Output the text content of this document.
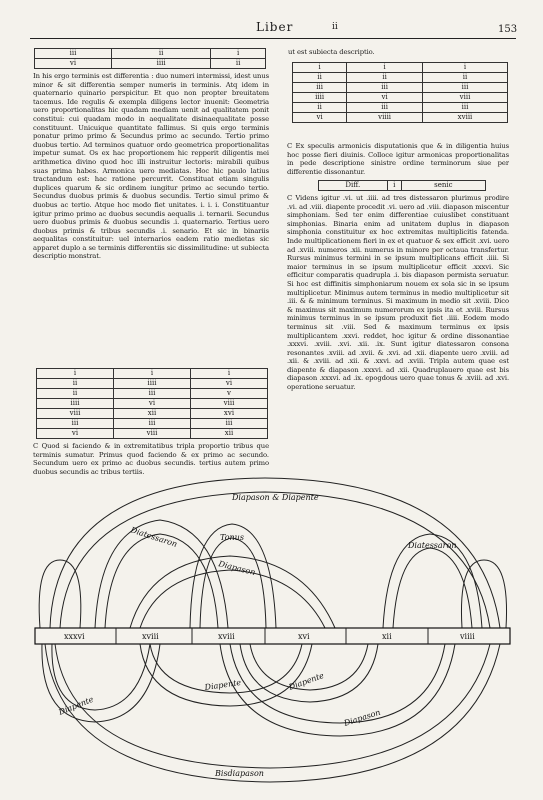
Liber	ii	153
iii	ii	i
vi	iiii	ii
In his ergo terminis est differentia : duo numeri intermissi, idest unus minor & sit differentia semper numeris in terminis. Atq idem in quaternario quinario perspicitur. Et quo non propter breuitatem tacemus. Ide regulis & exempla diligens lector inuenit: Geometria uero proportionalitas hic quadam mediam uenit ad qualitatem ponit constitui: cui quadam modo in aequalitate disinaequalitate posse constituunt. Unicuique quantitate fallimus. Si quis ergo terminis ponatur primo primo & Secundus primo ac secundo. Tertio primo duobus tertio. Ad terminos quatuor ordo geometrica proportionalitas impetur sumat. Os ex hac proportionem hic repperit diligentis mei arithmetica divino quod hoc illi instruitur lectoris: mirabili quibus suas prima habes. Armonica uero mediatas. Hoc hic paulo latius tractandum est: hac ratione percurrit. Constituat etiam singulis duplices quarum & sic ordinem iungitur primo ac secundo tertio. Secundus duobus primis & duobus secundis. Tertio simul primo & duobus ac tertio. Atque hoc modo fiet unitates. i. i. i. Constituantur igitur primo primo ac duobus secundis aequalis .i. ternarii. Secundus uero duobus primis & duobus secundis .i. quaternario. Tertius uero duobus primis & tribus secundis .i. senario. Et sic in binariis aequalitas constituitur: uel internarios eadem ratio medietas sic apparet duplo a se terminis differentiis sic dissimilitudine: ut subiecta descriptio monstrat.
i	i	i
ii	iiii	vi
ii	iii	v
iiii	vi	viii
viii	xii	xvi
iii	iii	iii
vi	viii	xii
C Quod si faciendo & in extremitatibus tripla proportio tribus que terminis sumatur. Primus quod faciendo & ex primo ac secundo. Secundum uero ex primo ac duobus secundis. tertius autem primo duobus secundis ac tribus tertiis.
ut est subiecta descriptio.
i	i	i
ii	ii	ii
iii	iii	iii
iiii	vi	viii
ii	iii	iii
vi	viiii	xviii
C Ex speculis armonicis disputationis que & in diligentia huius hoc posse fieri diuinis. Colloce igitur armonicas proportionalitas in pede descriptione sinistre ordine terminorum siue per differentie dissonantur.
Diff.	i	senic
C Videns igitur .vi. ut .iiii. ad tres distessaron plurimus prodire .vi. ad .viii. diapente procedit .vi. uero ad .viii. diapason miscentur simphoniam. Sed ter enim differentiae cuiuslibet constituant simphonias. Binaria enim ad unitatem duplus in diapason simphonia constituitur ex hoc extremitas multiplicitis fatenda. Inde multiplicationem fieri in ex et quatuor & sex efficit .xvi. uero ad .xviii. numeros .xii. numerus in minore per octaua transfertur. Rursus minimus termini in se ipsum multiplicans efficit .iiii. Si maior terminus in se ipsum multiplicetur efficit .xxxvi. Sic efficitur comparatis quadrupla .i. bis diapason permista seruatur. Si hoc est diffinitis simphoniarum nouem ex sola sic in se ipsum multiplicetur. Minimus autem terminus in medio multiplicetur sit .iii. & & minimum terminus. Si maximum in medio sit .xviii. Dico & maximus sit maximum numerorum ex ipsis ita et .xviii. Rursus minimus terminus in se ipsum produxit fiet .iiii. Eodem modo terminus sit .viii. Sed & maximum terminus ex ipsis multiplicantem .xxvi. reddet, hoc igitur & ordine dissonantiae .xxxvi. .xviii. .xvi. .xii. .ix. Sunt igitur diatessaron consona resonantes .xviii. ad .xvii. & .xvi. ad .xii. diapente uero .xviii. ad .xii. & .xviii. ad .xii. & .xxvi. ad .xviii. Tripla autem quae est diapente & diapason .xxxvi. ad .xii. Quadruplauero quae est bis diapason .xxxvi. ad .ix. epogdous uero quae tonus & .xviii. ad .xvi. operatione seruatur.
xxxvi	xviii	xviii	xvi	xii	viiii
Diapason & Diapente
Diatessaron	Tonus
Diapason
Diatessaron
Diapente	Diapente
Diapente
Diapason
Bisdiapason
